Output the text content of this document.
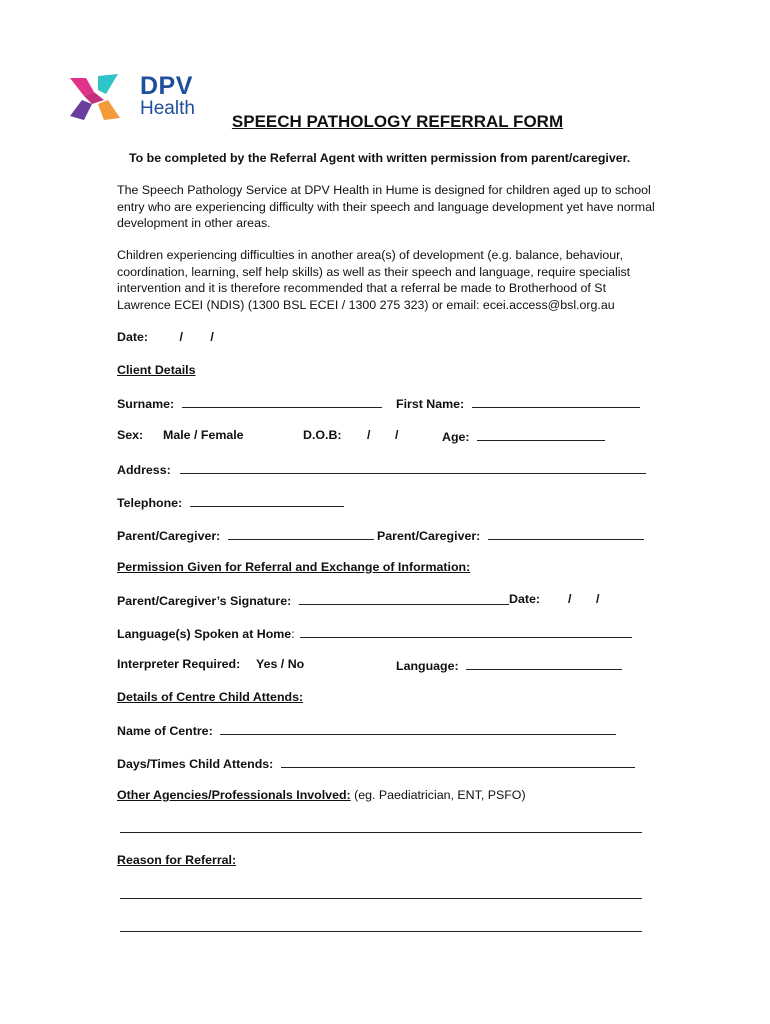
DPV
Health
SPEECH PATHOLOGY REFERRAL FORM
To be completed by the Referral Agent with written permission from parent/caregiver.
The Speech Pathology Service at DPV Health in Hume is designed for children aged up to school entry who are experiencing difficulty with their speech and language development yet have normal development in other areas.
Children experiencing difficulties in another area(s) of development (e.g. balance, behaviour, coordination, learning, self help skills) as well as their speech and language, require specialist intervention and it is therefore recommended that a referral be made to Brotherhood of St Lawrence ECEI (NDIS) (1300 BSL ECEI / 1300 275 323) or email: ecei.access@bsl.org.au
Date:	/ /
Client Details
Surname:	First Name:
Sex: Male / Female	D.O.B: / /	Age:
Address:
Telephone:
Parent/Caregiver:	Parent/Caregiver:
Permission Given for Referral and Exchange of Information:
Parent/Caregiver’s Signature:	Date: / /
Language(s) Spoken at Home:
Interpreter Required: Yes / No	Language:
Details of Centre Child Attends:
Name of Centre:
Days/Times Child Attends:
Other Agencies/Professionals Involved: (eg. Paediatrician, ENT, PSFO)
Reason for Referral:
